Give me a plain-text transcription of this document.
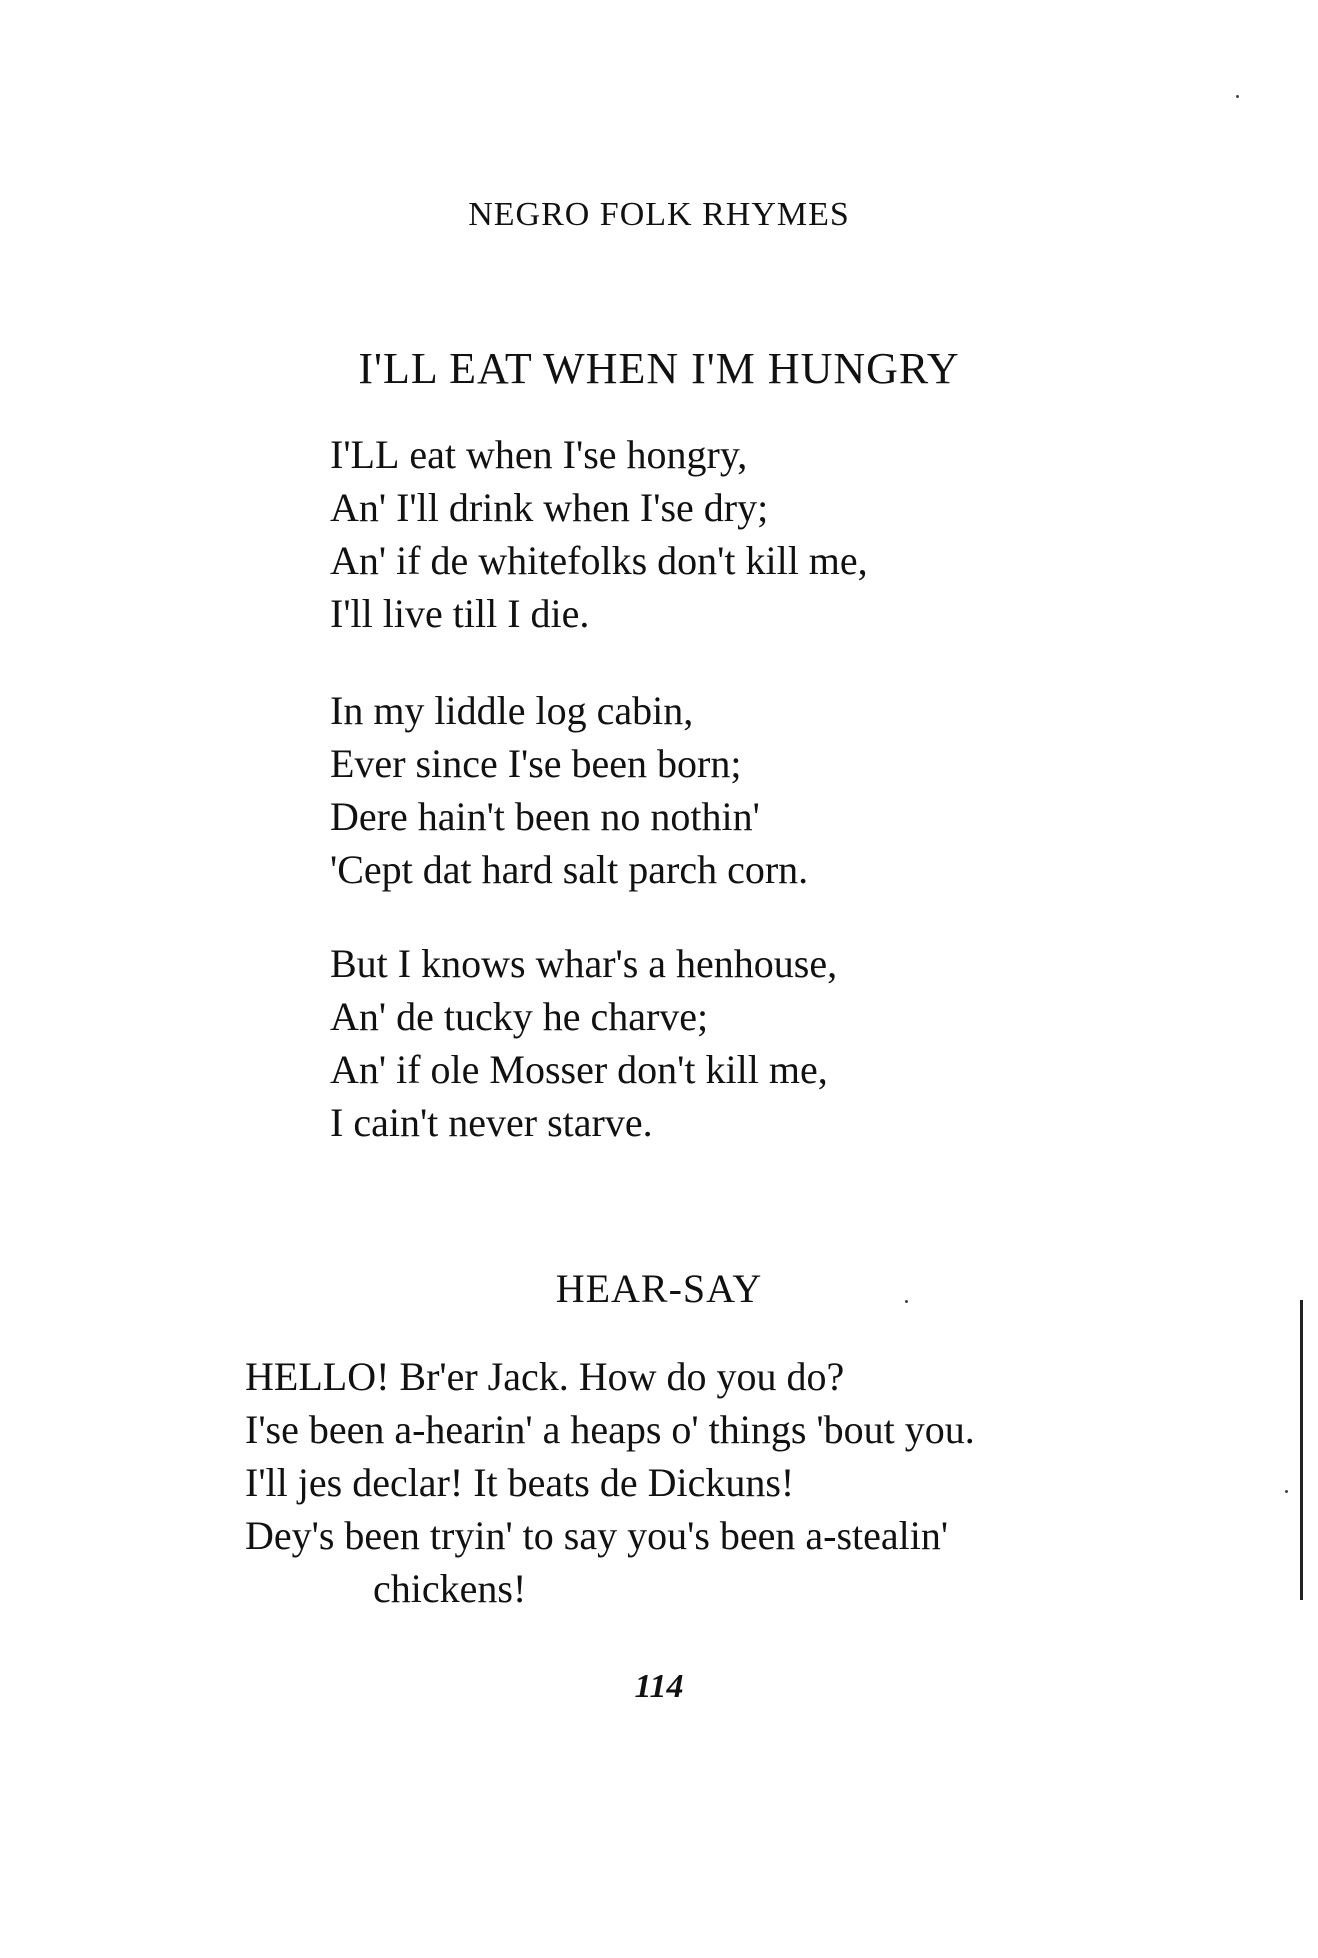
NEGRO FOLK RHYMES
I'LL EAT WHEN I'M HUNGRY
I'LL eat when I'se hongry,
An' I'll drink when I'se dry;
An' if de whitefolks don't kill me,
I'll live till I die.
In my liddle log cabin,
Ever since I'se been born;
Dere hain't been no nothin'
'Cept dat hard salt parch corn.
But I knows whar's a henhouse,
An' de tucky he charve;
An' if ole Mosser don't kill me,
I cain't never starve.
HEAR-SAY
HELLO! Br'er Jack. How do you do?
I'se been a-hearin' a heaps o' things 'bout you.
I'll jes declar! It beats de Dickuns!
Dey's been tryin' to say you's been a-stealin'
chickens!
114
